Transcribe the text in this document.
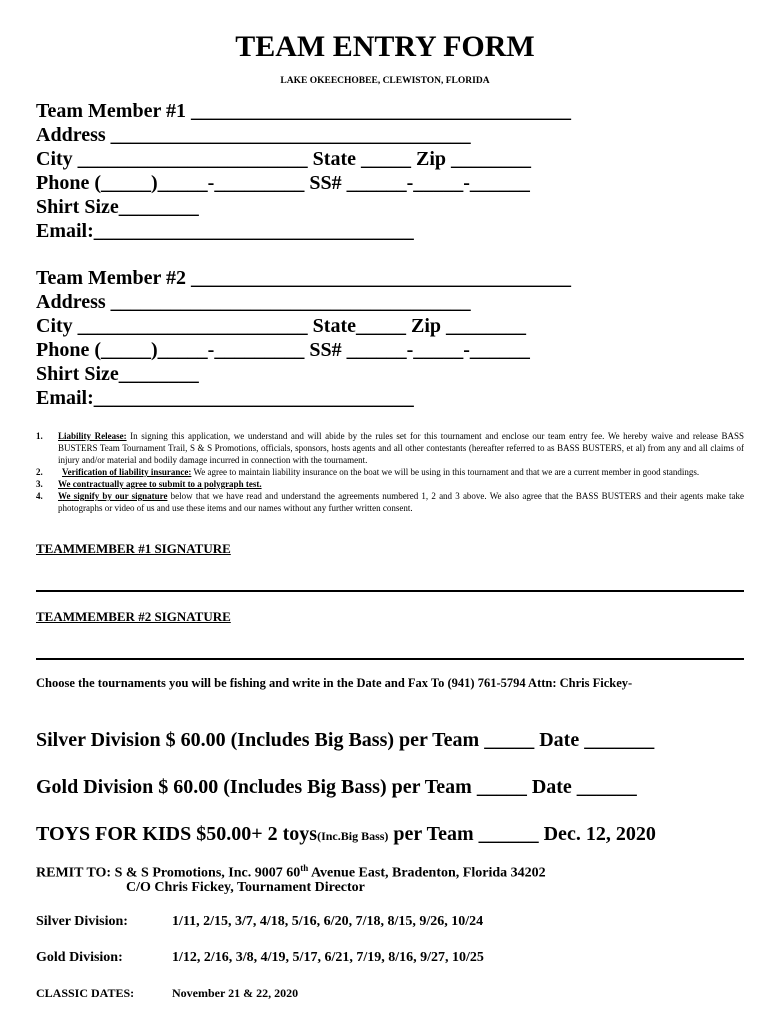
TEAM ENTRY FORM
LAKE OKEECHOBEE, CLEWISTON, FLORIDA
Team Member #1 ______________________________________
Address ____________________________________
City _______________________ State _____ Zip ________
Phone (_____)_____-_________ SS# ______-_____-______
Shirt Size________
Email:________________________________
Team Member #2 ______________________________________
Address ____________________________________
City _______________________ State_____ Zip ________
Phone (_____)_____-_________ SS# ______-_____-______
Shirt Size________
Email:________________________________
1. Liability Release: In signing this application, we understand and will abide by the rules set for this tournament and enclose our team entry fee. We hereby waive and release BASS BUSTERS Team Tournament Trail, S & S Promotions, officials, sponsors, hosts agents and all other contestants (hereafter referred to as BASS BUSTERS, et al) from any and all claims of injury and/or material and bodily damage incurred in connection with the tournament.
2. Verification of liability insurance: We agree to maintain liability insurance on the boat we will be using in this tournament and that we are a current member in good standings.
3. We contractually agree to submit to a polygraph test.
4. We signify by our signature below that we have read and understand the agreements numbered 1, 2 and 3 above. We also agree that the BASS BUSTERS and their agents make take photographs or video of us and use these items and our names without any further written consent.
TEAMMEMBER #1 SIGNATURE
TEAMMEMBER #2 SIGNATURE
Choose the tournaments you will be fishing and write in the Date and Fax To (941) 761-5794 Attn: Chris Fickey-
Silver Division $ 60.00 (Includes Big Bass) per Team _____ Date _______
Gold Division $ 60.00 (Includes Big Bass) per Team _____ Date ______
TOYS FOR KIDS $50.00+ 2 toys(Inc.Big Bass) per Team ______ Dec. 12, 2020
REMIT TO: S & S Promotions, Inc. 9007 60th Avenue East, Bradenton, Florida 34202
C/O Chris Fickey, Tournament Director
Silver Division:	1/11, 2/15, 3/7, 4/18, 5/16, 6/20, 7/18, 8/15, 9/26, 10/24
Gold Division:	1/12, 2/16, 3/8, 4/19, 5/17, 6/21, 7/19, 8/16, 9/27, 10/25
CLASSIC DATES:	November 21 & 22, 2020
